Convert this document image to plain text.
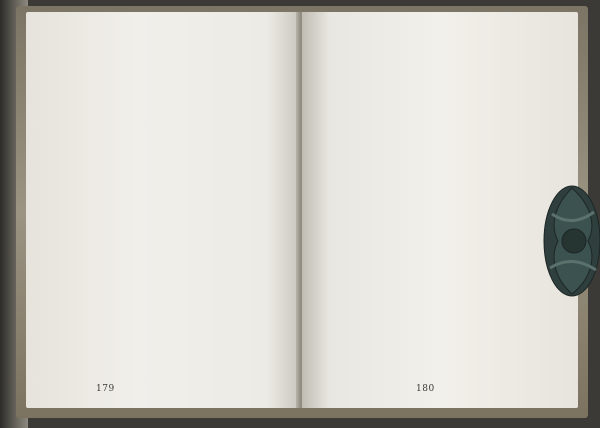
179	180
